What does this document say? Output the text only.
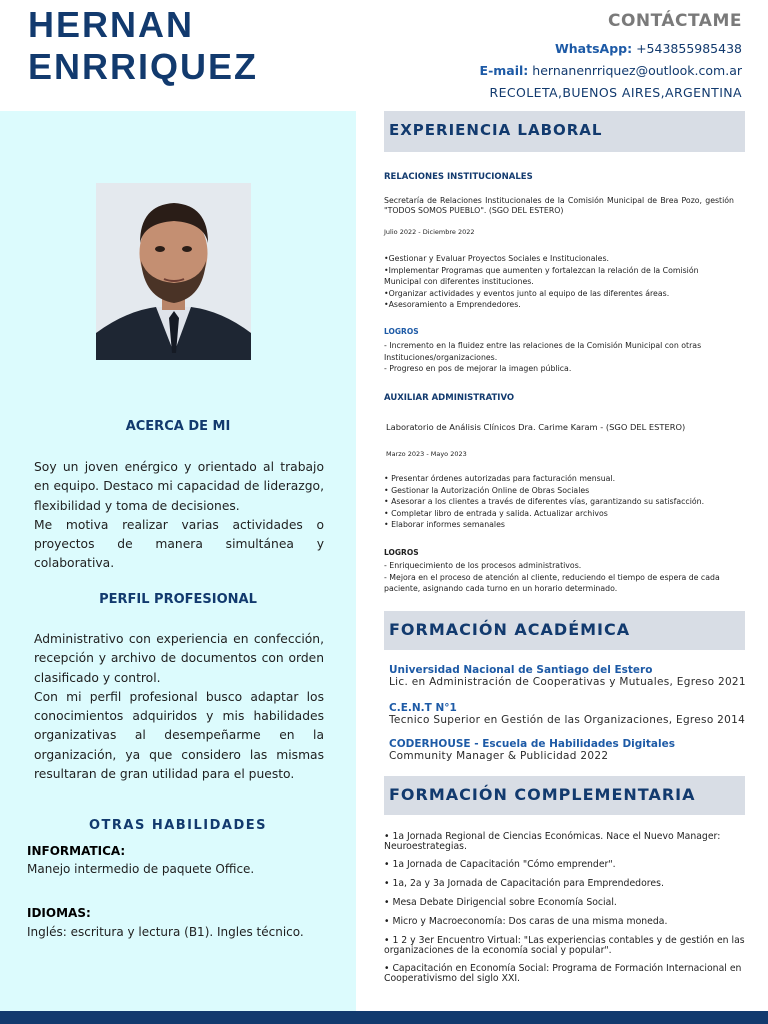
HERNAN
ENRRIQUEZ
CONTÁCTAME
WhatsApp: +543855985438
E-mail: hernanenrriquez@outlook.com.ar
RECOLETA,BUENOS AIRES,ARGENTINA
ACERCA DE MI
Soy un joven enérgico y orientado al trabajo en equipo. Destaco mi capacidad de liderazgo, flexibilidad y toma de decisiones.
Me motiva realizar varias actividades o proyectos de manera simultánea y colaborativa.
PERFIL PROFESIONAL
Administrativo con experiencia en confección, recepción y archivo de documentos con orden clasificado y control.
Con mi perfil profesional busco adaptar los conocimientos adquiridos y mis habilidades organizativas al desempeñarme en la organización, ya que considero las mismas resultaran de gran utilidad para el puesto.
OTRAS HABILIDADES
INFORMATICA:
Manejo intermedio de paquete Office.
IDIOMAS:
Inglés: escritura y lectura (B1). Ingles técnico.
EXPERIENCIA LABORAL
RELACIONES INSTITUCIONALES
Secretaría de Relaciones Institucionales de la Comisión Municipal de Brea Pozo, gestión "TODOS SOMOS PUEBLO". (SGO DEL ESTERO)
Julio 2022 - Diciembre 2022
•Gestionar y Evaluar Proyectos Sociales e Institucionales.
•Implementar Programas que aumenten y fortalezcan la relación de la Comisión Municipal con diferentes instituciones.
•Organizar actividades y eventos junto al equipo de las diferentes áreas.
•Asesoramiento a Emprendedores.
LOGROS
- Incremento en la fluidez entre las relaciones de la Comisión Municipal con otras Instituciones/organizaciones.
- Progreso en pos de mejorar la imagen pública.
AUXILIAR ADMINISTRATIVO
Laboratorio de Análisis Clínicos Dra. Carime Karam - (SGO DEL ESTERO)
Marzo 2023 - Mayo 2023
• Presentar órdenes autorizadas para facturación mensual.
• Gestionar la Autorización Online de Obras Sociales
• Asesorar a los clientes a través de diferentes vías, garantizando su satisfacción.
• Completar libro de entrada y salida. Actualizar archivos
• Elaborar informes semanales
LOGROS
- Enriquecimiento de los procesos administrativos.
- Mejora en el proceso de atención al cliente, reduciendo el tiempo de espera de cada paciente, asignando cada turno en un horario determinado.
FORMACIÓN ACADÉMICA
Universidad Nacional de Santiago del Estero
Lic. en Administración de Cooperativas y Mutuales, Egreso 2021
C.E.N.T N°1
Tecnico Superior en Gestión de las Organizaciones, Egreso 2014
CODERHOUSE - Escuela de Habilidades Digitales
Community Manager & Publicidad 2022
FORMACIÓN COMPLEMENTARIA
• 1a Jornada Regional de Ciencias Económicas. Nace el Nuevo Manager: Neuroestrategias.
• 1a Jornada de Capacitación "Cómo emprender".
• 1a, 2a y 3a Jornada de Capacitación para Emprendedores.
• Mesa Debate Dirigencial sobre Economía Social.
• Micro y Macroeconomía: Dos caras de una misma moneda.
• 1 2 y 3er Encuentro Virtual: "Las experiencias contables y de gestión en las organizaciones de la economía social y popular".
• Capacitación en Economía Social: Programa de Formación Internacional en Cooperativismo del siglo XXI.
